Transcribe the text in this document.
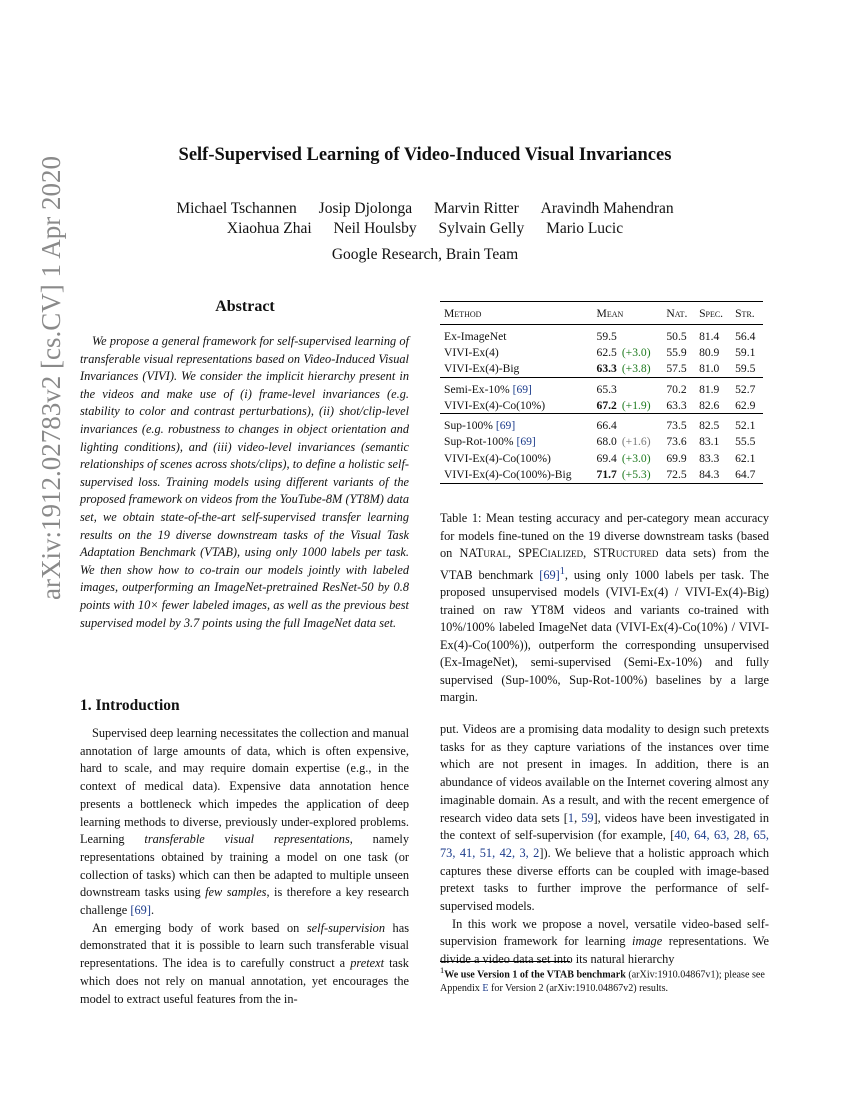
arXiv:1912.02783v2 [cs.CV] 1 Apr 2020
Self-Supervised Learning of Video-Induced Visual Invariances
Michael Tschannen Josip Djolonga Marvin Ritter Aravindh Mahendran
Xiaohua Zhai Neil Houlsby Sylvain Gelly Mario Lucic
Google Research, Brain Team
Abstract

We propose a general framework for self-supervised learning of transferable visual representations based on Video-Induced Visual Invariances (VIVI). We consider the implicit hierarchy present in the videos and make use of (i) frame-level invariances (e.g. stability to color and contrast perturbations), (ii) shot/clip-level invariances (e.g. robustness to changes in object orientation and lighting conditions), and (iii) video-level invariances (semantic relationships of scenes across shots/clips), to define a holistic self-supervised loss. Training models using different variants of the proposed framework on videos from the YouTube-8M (YT8M) data set, we obtain state-of-the-art self-supervised transfer learning results on the 19 diverse downstream tasks of the Visual Task Adaptation Benchmark (VTAB), using only 1000 labels per task. We then show how to co-train our models jointly with labeled images, outperforming an ImageNet-pretrained ResNet-50 by 0.8 points with 10× fewer labeled images, as well as the previous best supervised model by 3.7 points using the full ImageNet data set.

1. Introduction

Supervised deep learning necessitates the collection and manual annotation of large amounts of data, which is often expensive, hard to scale, and may require domain expertise (e.g., in the context of medical data). Expensive data annotation hence presents a bottleneck which impedes the application of deep learning methods to diverse, previously under-explored problems. Learning transferable visual representations, namely representations obtained by training a model on one task (or collection of tasks) which can then be adapted to multiple unseen downstream tasks using few samples, is therefore a key research challenge [69].

An emerging body of work based on self-supervision has demonstrated that it is possible to learn such transferable visual representations. The idea is to carefully construct a pretext task which does not rely on manual annotation, yet encourages the model to extract useful features from the in-

Method	Mean	Nat.	Spec.	Str.
Ex-ImageNet	59.5	50.5	81.4	56.4
VIVI-Ex(4)	62.5 (+3.0)	55.9	80.9	59.1
VIVI-Ex(4)-Big	63.3 (+3.8)	57.5	81.0	59.5
Semi-Ex-10% [69]	65.3	70.2	81.9	52.7
VIVI-Ex(4)-Co(10%)	67.2 (+1.9)	63.3	82.6	62.9
Sup-100% [69]	66.4	73.5	82.5	52.1
Sup-Rot-100% [69]	68.0 (+1.6)	73.6	83.1	55.5
VIVI-Ex(4)-Co(100%)	69.4 (+3.0)	69.9	83.3	62.1
VIVI-Ex(4)-Co(100%)-Big	71.7 (+5.3)	72.5	84.3	64.7

Table 1: Mean testing accuracy and per-category mean accuracy for models fine-tuned on the 19 diverse downstream tasks (based on NATural, SPECialized, STRuctured data sets) from the VTAB benchmark [69]$^1$, using only 1000 labels per task. The proposed unsupervised models (VIVI-Ex(4) / VIVI-Ex(4)-Big) trained on raw YT8M videos and variants co-trained with 10%/100% labeled ImageNet data (VIVI-Ex(4)-Co(10%) / VIVI-Ex(4)-Co(100%)), outperform the corresponding unsupervised (Ex-ImageNet), semi-supervised (Semi-Ex-10%) and fully supervised (Sup-100%, Sup-Rot-100%) baselines by a large margin.

put. Videos are a promising data modality to design such pretexts tasks for as they capture variations of the instances over time which are not present in images. In addition, there is an abundance of videos available on the Internet covering almost any imaginable domain. As a result, and with the recent emergence of research video data sets [1, 59], videos have been investigated in the context of self-supervision (for example, [40, 64, 63, 28, 65, 73, 41, 51, 42, 3, 2]). We believe that a holistic approach which captures these diverse efforts can be coupled with image-based pretext tasks to further improve the performance of self-supervised models.

In this work we propose a novel, versatile video-based self-supervision framework for learning image representations. We divide a video data set into its natural hierarchy

$^1$We use Version 1 of the VTAB benchmark (arXiv:1910.04867v1); please see Appendix E for Version 2 (arXiv:1910.04867v2) results.
